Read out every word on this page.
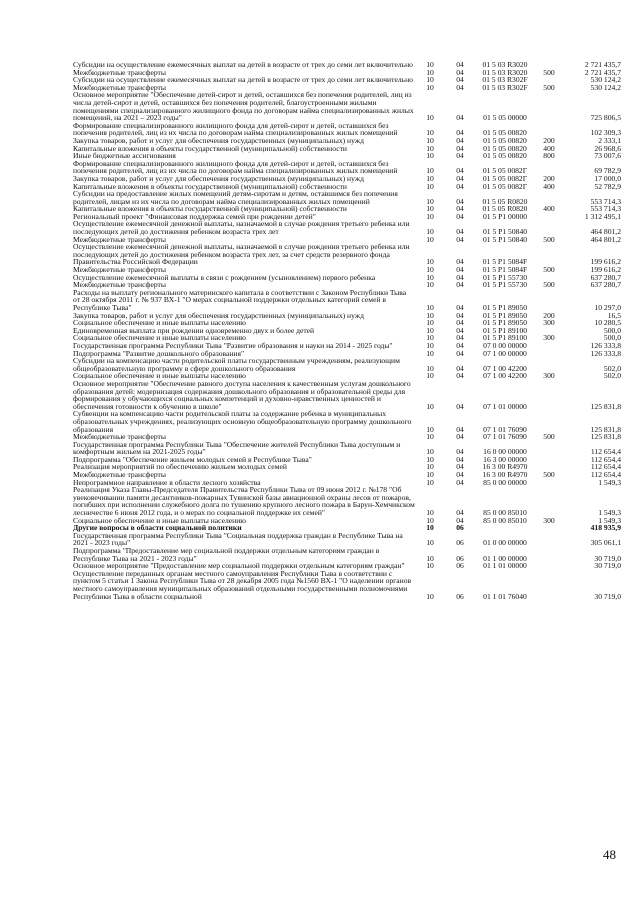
Субсидии на осуществление ежемесячных выплат на детей в возрасте от трех до семи лет включительно	10	04	01 5 03 R3020	2 721 435,7
Межбюджетные трансферты	10	04	01 5 03 R3020	500	2 721 435,7
Субсидии на осуществление ежемесячных выплат на детей в возрасте от трех до семи лет включительно	10	04	01 5 03 R302F	530 124,2
Межбюджетные трансферты	10	04	01 5 03 R302F	500	530 124,2
Основное мероприятие "Обеспечение детей-сирот и детей, оставшихся без попечения родителей, лиц из числа детей-сирот и детей, оставшихся без попечения родителей, благоустроенными жилыми помещениями специализированного жилищного фонда по договорам найма специализированных жилых помещений, на 2021 – 2023 годы"	10	04	01 5 05 00000	725 806,5
Формирование специализированного жилищного фонда для детей-сирот и детей, оставшихся без попечения родителей, лиц из их числа по договорам найма специализированных жилых помещений	10	04	01 5 05 00820	102 309,3
Закупка товаров, работ и услуг для обеспечения государственных (муниципальных) нужд	10	04	01 5 05 00820	200	2 333,1
Капитальные вложения в объекты государственной (муниципальной) собственности	10	04	01 5 05 00820	400	26 968,6
Иные бюджетные ассигнования	10	04	01 5 05 00820	800	73 007,6
Формирование специализированного жилищного фонда для детей-сирот и детей, оставшихся без попечения родителей, лиц из их числа по договорам найма специализированных жилых помещений	10	04	01 5 05 0082Г	69 782,9
Закупка товаров, работ и услуг для обеспечения государственных (муниципальных) нужд	10	04	01 5 05 0082Г	200	17 000,0
Капитальные вложения в объекты государственной (муниципальной) собственности	10	04	01 5 05 0082Г	400	52 782,9
Субсидии на предоставление жилых помещений детям-сиротам и детям, оставшимся без попечения родителей, лицам из их числа по договорам найма специализированных жилых помещений	10	04	01 5 05 R0820	553 714,3
Капитальные вложения в объекты государственной (муниципальной) собственности	10	04	01 5 05 R0820	400	553 714,3
Региональный проект "Финансовая поддержка семей при рождении детей"	10	04	01 5 P1 00000	1 312 495,1
Осуществление ежемесячной денежной выплаты, назначаемой в случае рождения третьего ребенка или последующих детей до достижения ребенком возраста трех лет	10	04	01 5 P1 50840	464 801,2
Межбюджетные трансферты	10	04	01 5 P1 50840	500	464 801,2
Осуществление ежемесячной денежной выплаты, назначаемой в случае рождения третьего ребенка или последующих детей до достижения ребенком возраста трех лет, за счет средств резервного фонда Правительства Российской Федерации	10	04	01 5 P1 5084F	199 616,2
Межбюджетные трансферты	10	04	01 5 P1 5084F	500	199 616,2
Осуществление ежемесячной выплаты в связи с рождением (усыновлением) первого ребенка	10	04	01 5 P1 55730	637 280,7
Межбюджетные трансферты	10	04	01 5 P1 55730	500	637 280,7
Расходы на выплату регионального материнского капитала в соответствии с Законом Республики Тыва от 28 октября 2011 г. № 937 ВХ-1 "О мерах социальной поддержки отдельных категорий семей в Республике Тыва"	10	04	01 5 P1 89050	10 297,0
Закупка товаров, работ и услуг для обеспечения государственных (муниципальных) нужд	10	04	01 5 P1 89050	200	16,5
Социальное обеспечение и иные выплаты населению	10	04	01 5 P1 89050	300	10 280,5
Единовременная выплата при рождении одновременно двух и более детей	10	04	01 5 P1 89100	500,0
Социальное обеспечение и иные выплаты населению	10	04	01 5 P1 89100	300	500,0
Государственная программа Республики Тыва "Развитие образования и науки на 2014 - 2025 годы"	10	04	07 0 00 00000	126 333,8
Подпрограмма "Развитие дошкольного образования"	10	04	07 1 00 00000	126 333,8
Субсидии на компенсацию части родительской платы государственным учреждениям, реализующим общеобразовательную программу в сфере дошкольного образования	10	04	07 1 00 42200	502,0
Социальное обеспечение и иные выплаты населению	10	04	07 1 00 42200	300	502,0
Основное мероприятие "Обеспечение равного доступа населения к качественным услугам дошкольного образования детей: модернизация содержания дошкольного образования и образовательной среды для формирования у обучающихся социальных компетенций и духовно-нравственных ценностей и обеспечения готовности к обучению в школе"	10	04	07 1 01 00000	125 831,8
Субвенции на компенсацию части родительской платы за содержание ребенка в муниципальных образовательных учреждениях, реализующих основную общеобразовательную программу дошкольного образования	10	04	07 1 01 76090	125 831,8
Межбюджетные трансферты	10	04	07 1 01 76090	500	125 831,8
Государственная программа Республики Тыва "Обеспечение жителей Республики Тыва доступным и комфортным жильем на 2021-2025 годы"	10	04	16 0 00 00000	112 654,4
Подпрограмма "Обеспечение жильем молодых семей в Республике Тыва"	10	04	16 3 00 00000	112 654,4
Реализация мероприятий по обеспечению жильем молодых семей	10	04	16 3 00 R4970	112 654,4
Межбюджетные трансферты	10	04	16 3 00 R4970	500	112 654,4
Непрограммное направление в области лесного хозяйства	10	04	85 0 00 00000	1 549,3
Реализация Указа Главы-Председателя Правительства Республики Тыва от 09 июня 2012 г. №178 "Об увековечивании памяти десантников-пожарных Тувинской базы авиационной охраны лесов от пожаров, погибших при исполнении служебного долга по тушению крупного лесного пожара в Барун-Хемчикском лесничестве 6 июня 2012 года, и о мерах по социальной поддержке их семей"	10	04	85 0 00 85010	1 549,3
Социальное обеспечение и иные выплаты населению	10	04	85 0 00 85010	300	1 549,3
Другие вопросы в области социальной политики	10	06	418 935,9
Государственная программа Республики Тыва "Социальная поддержка граждан в Республике Тыва на 2021 - 2023 годы"	10	06	01 0 00 00000	305 061,1
Подпрограмма "Предоставление мер социальной поддержки отдельным категориям граждан в Республике Тыва на 2021 - 2023 годы"	10	06	01 1 00 00000	30 719,0
Основное мероприятие "Предоставление мер социальной поддержки отдельным категориям граждан"	10	06	01 1 01 00000	30 719,0
Осуществление переданных органам местного самоуправления Республики Тыва в соответствии с пунктом 5 статьи 1 Закона Республики Тыва от 28 декабря 2005 года №1560 ВХ-1 "О наделении органов местного самоуправления муниципальных образований отдельными государственными полномочиями Республики Тыва в области социальной	10	06	01 1 01 76040	30 719,0
48
